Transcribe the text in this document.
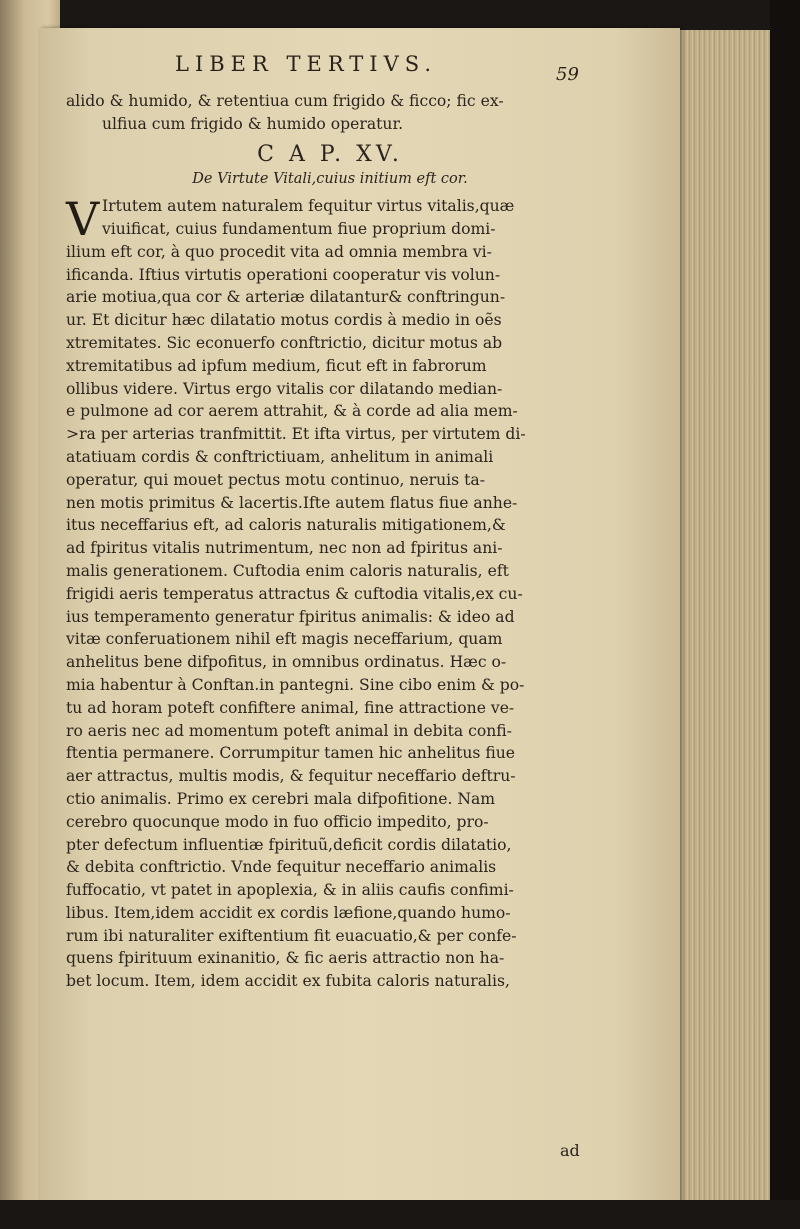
LIBER TERTIVS.	59
alido & humido, & retentiua cum frigido & ficco; fic ex-
ulfiua cum frigido & humido operatur.
C A P. XV.
De Virtute Vitali,cuius initium eft cor.
V Irtutem autem naturalem fequitur virtus vitalis,quæ
viuificat, cuius fundamentum fiue proprium domi-
ilium eft cor, à quo procedit vita ad omnia membra vi-
ificanda. Iftius virtutis operationi cooperatur vis volun-
arie motiua,qua cor & arteriæ dilatantur& conftringun-
ur. Et dicitur hæc dilatatio motus cordis à medio in oẽs
xtremitates. Sic econuerfo conftrictio, dicitur motus ab
xtremitatibus ad ipfum medium, ficut eft in fabrorum
ollibus videre. Virtus ergo vitalis cor dilatando median-
e pulmone ad cor aerem attrahit, & à corde ad alia mem-
>ra per arterias tranfmittit. Et ifta virtus, per virtutem di-
atatiuam cordis & conftrictiuam, anhelitum in animali
operatur, qui mouet pectus motu continuo, neruis ta-
nen motis primitus & lacertis.Ifte autem flatus fiue anhe-
itus neceffarius eft, ad caloris naturalis mitigationem,&
ad fpiritus vitalis nutrimentum, nec non ad fpiritus ani-
malis generationem. Cuftodia enim caloris naturalis, eft
frigidi aeris temperatus attractus & cuftodia vitalis,ex cu-
ius temperamento generatur fpiritus animalis: & ideo ad
vitæ conferuationem nihil eft magis neceffarium, quam
anhelitus bene difpofitus, in omnibus ordinatus. Hæc o-
mia habentur à Conftan.in pantegni. Sine cibo enim & po-
tu ad horam poteft confiftere animal, fine attractione ve-
ro aeris nec ad momentum poteft animal in debita confi-
ftentia permanere. Corrumpitur tamen hic anhelitus fiue
aer attractus, multis modis, & fequitur neceffario deftru-
ctio animalis. Primo ex cerebri mala difpofitione. Nam
cerebro quocunque modo in fuo officio impedito, pro-
pter defectum influentiæ fpirituũ,deficit cordis dilatatio,
& debita conftrictio. Vnde fequitur neceffario animalis
fuffocatio, vt patet in apoplexia, & in aliis caufis confimi-
libus. Item,idem accidit ex cordis læfione,quando humo-
rum ibi naturaliter exiftentium fit euacuatio,& per confe-
quens fpirituum exinanitio, & fic aeris attractio non ha-
bet locum. Item, idem accidit ex fubita caloris naturalis,
ad
